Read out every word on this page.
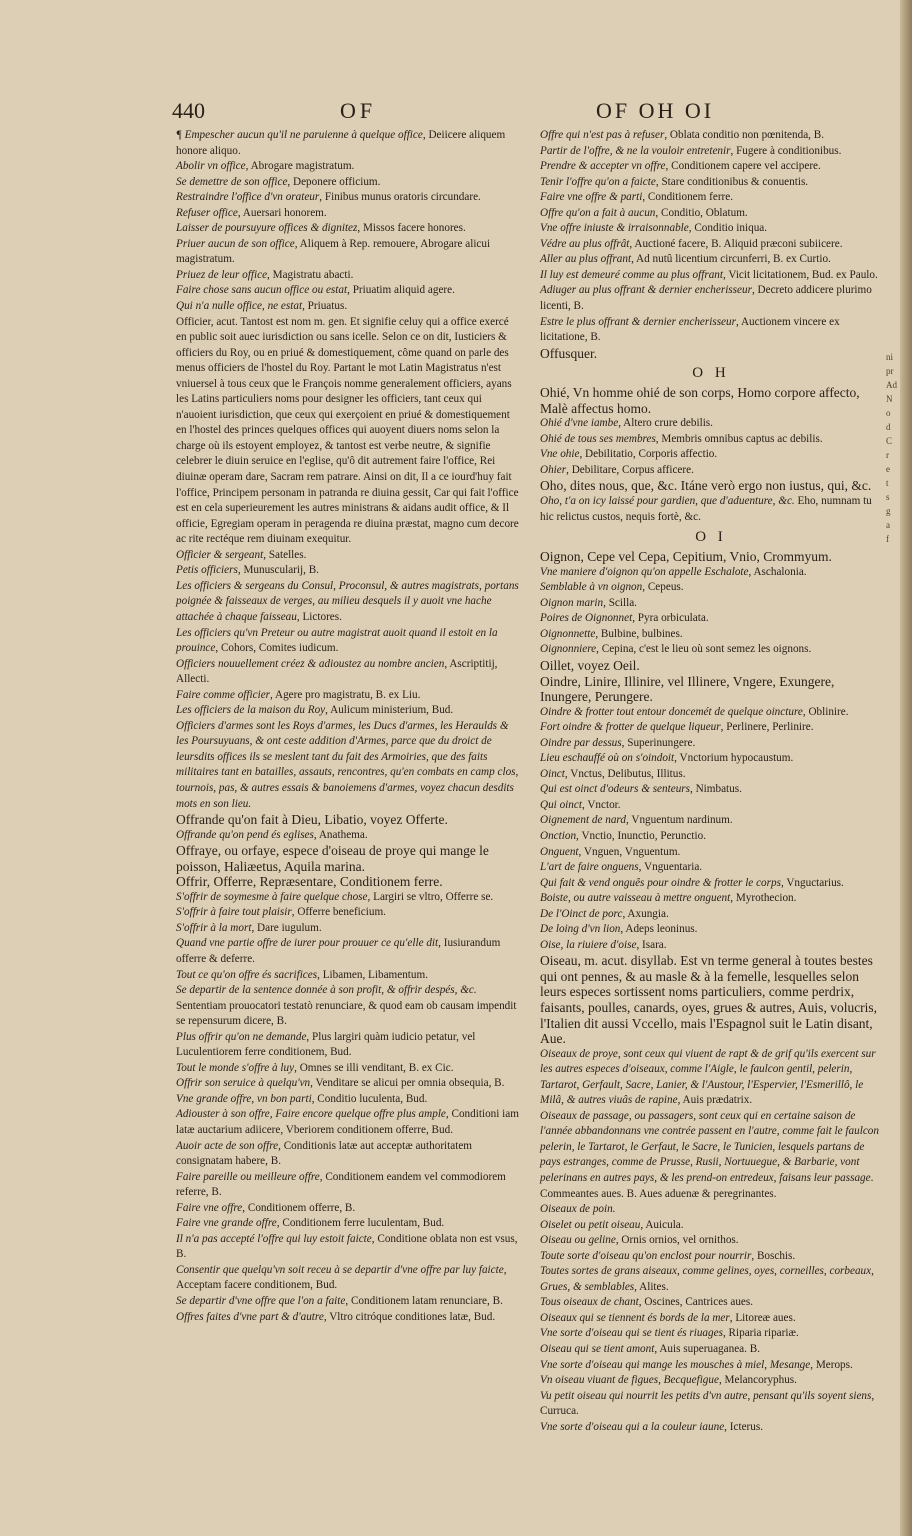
440	OF	OF OH OI

¶ Empescher aucun qu'il ne paruienne à quelque office, Deiicere aliquem honore aliquo.

Abolir vn office, Abrogare magistratum.

Se demettre de son office, Deponere officium.

Restraindre l'office d'vn orateur, Finibus munus oratoris circundare.

Refuser office, Auersari honorem.

Laisser de poursuyure offices & dignitez, Missos facere honores.

Priuer aucun de son office, Aliquem à Rep. remouere, Abrogare alicui magistratum.

Priuez de leur office, Magistratu abacti.

Faire chose sans aucun office ou estat, Priuatim aliquid agere.

Qui n'a nulle office, ne estat, Priuatus.

Officier, acut. Tantost est nom m. gen. Et signifie celuy qui a office exercé en public soit auec iurisdiction ou sans icelle. Selon ce on dit, Iusticiers & officiers du Roy, ou en priué & domestiquement, côme quand on parle des menus officiers de l'hostel du Roy. Partant le mot Latin Magistratus n'est vniuersel à tous ceux que le François nomme generalement officiers, ayans les Latins particuliers noms pour designer les officiers, tant ceux qui n'auoient iurisdiction, que ceux qui exerçoient en priué & domestiquement en l'hostel des princes quelques offices qui auoyent diuers noms selon la charge où ils estoyent employez, & tantost est verbe neutre, & signifie celebrer le diuin seruice en l'eglise, qu'ô dit autrement faire l'office, Rei diuinæ operam dare, Sacram rem patrare. Ainsi on dit, Il a ce iourd'huy fait l'office, Principem personam in patranda re diuina gessit, Car qui fait l'office est en cela superieurement les autres ministrans & aidans audit office, & Il officie, Egregiam operam in peragenda re diuina præstat, magno cum decore ac rite rectéque rem diuinam exequitur.

Officier & sergeant, Satelles.

Petis officiers, Munuscularij, B.

Les officiers & sergeans du Consul, Proconsul, & autres magistrats, portans poignée & faisseaux de verges, au milieu desquels il y auoit vne hache attachée à chaque faisseau, Lictores.

Les officiers qu'vn Preteur ou autre magistrat auoit quand il estoit en la prouince, Cohors, Comites iudicum.

Officiers nouuellement créez & adioustez au nombre ancien, Ascriptitij, Allecti.

Faire comme officier, Agere pro magistratu, B. ex Liu.

Les officiers de la maison du Roy, Aulicum ministerium, Bud.

Officiers d'armes sont les Roys d'armes, les Ducs d'armes, les Heraulds & les Poursuyuans, & ont ceste addition d'Armes, parce que du droict de leursdits offices ils se meslent tant du fait des Armoiries, que des faits militaires tant en batailles, assauts, rencontres, qu'en combats en camp clos, tournois, pas, & autres essais & banoiemens d'armes, voyez chacun desdits mots en son lieu.

Offrande qu'on fait à Dieu, Libatio, voyez Offerte.

Offrande qu'on pend és eglises, Anathema.

Offraye, ou orfaye, espece d'oiseau de proye qui mange le poisson, Haliæetus, Aquila marina.

Offrir, Offerre, Repræsentare, Conditionem ferre.

S'offrir de soymesme à faire quelque chose, Largiri se vltro, Offerre se.

S'offrir à faire tout plaisir, Offerre beneficium.

S'offrir à la mort, Dare iugulum.

Quand vne partie offre de iurer pour prouuer ce qu'elle dit, Iusiurandum offerre & deferre.

Tout ce qu'on offre és sacrifices, Libamen, Libamentum.

Se departir de la sentence donnée à son profit, & offrir despés, &c. Sententiam prouocatori testatò renunciare, & quod eam ob causam impendit se repensurum dicere, B.

Plus offrir qu'on ne demande, Plus largiri quàm iudicio petatur, vel Luculentiorem ferre conditionem, Bud.

Tout le monde s'offre à luy, Omnes se illi venditant, B. ex Cic.

Offrir son seruice à quelqu'vn, Venditare se alicui per omnia obsequia, B.

Vne grande offre, vn bon parti, Conditio luculenta, Bud.

Adiouster à son offre, Faire encore quelque offre plus ample, Conditioni iam latæ auctarium adiicere, Vberiorem conditionem offerre, Bud.

Auoir acte de son offre, Conditionis latæ aut acceptæ authoritatem consignatam habere, B.

Faire pareille ou meilleure offre, Conditionem eandem vel commodiorem referre, B.

Faire vne offre, Conditionem offerre, B.

Faire vne grande offre, Conditionem ferre luculentam, Bud.

Il n'a pas accepté l'offre qui luy estoit faicte, Conditione oblata non est vsus, B.

Consentir que quelqu'vn soit receu à se departir d'vne offre par luy faicte, Acceptam facere conditionem, Bud.

Se departir d'vne offre que l'on a faite, Conditionem latam renunciare, B.

Offres faites d'vne part & d'autre, Vltro citróque conditiones latæ, Bud.

Offre qui n'est pas à refuser, Oblata conditio non pœnitenda, B.

Partir de l'offre, & ne la vouloir entretenir, Fugere à conditionibus.

Prendre & accepter vn offre, Conditionem capere vel accipere.

Tenir l'offre qu'on a faicte, Stare conditionibus & conuentis.

Faire vne offre & parti, Conditionem ferre.

Offre qu'on a fait à aucun, Conditio, Oblatum.

Vne offre iniuste & irraisonnable, Conditio iniqua.

Védre au plus offrât, Auctioné facere, B. Aliquid præconi subiicere.

Aller au plus offrant, Ad nutû licentium circunferri, B. ex Curtio.

Il luy est demeuré comme au plus offrant, Vicit licitationem, Bud. ex Paulo.

Adiuger au plus offrant & dernier encherisseur, Decreto addicere plurimo licenti, B.

Estre le plus offrant & dernier encherisseur, Auctionem vincere ex licitatione, B.

Offusquer.

O H

Ohié, Vn homme ohié de son corps, Homo corpore affecto, Malè affectus homo.

Ohié d'vne iambe, Altero crure debilis.

Ohié de tous ses membres, Membris omnibus captus ac debilis.

Vne ohie, Debilitatio, Corporis affectio.

Ohier, Debilitare, Corpus afficere.

Oho, dites nous, que, &c. Itáne verò ergo non iustus, qui, &c.

Oho, t'a on icy laissé pour gardien, que d'aduenture, &c. Eho, numnam tu hic relictus custos, nequis fortè, &c.

O I

Oignon, Cepe vel Cepa, Cepitium, Vnio, Crommyum.

Vne maniere d'oignon qu'on appelle Eschalote, Aschalonia.

Semblable à vn oignon, Cepeus.

Oignon marin, Scilla.

Poires de Oignonnet, Pyra orbiculata.

Oignonnette, Bulbine, bulbines.

Oignonniere, Cepina, c'est le lieu où sont semez les oignons.

Oillet, voyez Oeil.

Oindre, Linire, Illinire, vel Illinere, Vngere, Exungere, Inungere, Perungere.

Oindre & frotter tout entour doncemét de quelque oincture, Oblinire.

Fort oindre & frotter de quelque liqueur, Perlinere, Perlinire.

Oindre par dessus, Superinungere.

Lieu eschauffé où on s'oindoit, Vnctorium hypocaustum.

Oinct, Vnctus, Delibutus, Illitus.

Qui est oinct d'odeurs & senteurs, Nimbatus.

Qui oinct, Vnctor.

Oignement de nard, Vnguentum nardinum.

Onction, Vnctio, Inunctio, Perunctio.

Onguent, Vnguen, Vnguentum.

L'art de faire onguens, Vnguentaria.

Qui fait & vend onguês pour oindre & frotter le corps, Vnguctarius.

Boiste, ou autre vaisseau à mettre onguent, Myrothecion.

De l'Oinct de porc, Axungia.

De loing d'vn lion, Adeps leoninus.

Oise, la riuiere d'oise, Isara.

Oiseau, m. acut. disyllab. Est vn terme general à toutes bestes qui ont pennes, & au masle & à la femelle, lesquelles selon leurs especes sortissent noms particuliers, comme perdrix, faisants, poulles, canards, oyes, grues & autres, Auis, volucris, l'Italien dit aussi Vccello, mais l'Espagnol suit le Latin disant, Aue.

Oiseaux de proye, sont ceux qui viuent de rapt & de grif qu'ils exercent sur les autres especes d'oiseaux, comme l'Aigle, le faulcon gentil, pelerin, Tartarot, Gerfault, Sacre, Lanier, & l'Austour, l'Espervier, l'Esmerillô, le Milâ, & autres viuâs de rapine, Auis prædatrix.

Oiseaux de passage, ou passagers, sont ceux qui en certaine saison de l'année abbandonnans vne contrée passent en l'autre, comme fait le faulcon pelerin, le Tartarot, le Gerfaut, le Sacre, le Tunicien, lesquels partans de pays estranges, comme de Prusse, Rusii, Nortuuegue, & Barbarie, vont pelerinans en autres pays, & les prend-on entredeux, faisans leur passage. Commeantes aues. B. Aues aduenæ & peregrinantes.

Oiseaux de poin.

Oiselet ou petit oiseau, Auicula.

Oiseau ou geline, Ornis ornios, vel ornithos.

Toute sorte d'oiseau qu'on enclost pour nourrir, Boschis.

Toutes sortes de grans aiseaux, comme gelines, oyes, corneilles, corbeaux, Grues, & semblables, Alites.

Tous oiseaux de chant, Oscines, Cantrices aues.

Oiseaux qui se tiennent és bords de la mer, Litoreæ aues.

Vne sorte d'oiseau qui se tient és riuages, Riparia ripariæ.

Oiseau qui se tient amont, Auis superuaganea. B.

Vne sorte d'oiseau qui mange les mousches à miel, Mesange, Merops.

Vn oiseau viuant de figues, Becquefigue, Melancoryphus.

Vu petit oiseau qui nourrit les petits d'vn autre, pensant qu'ils soyent siens, Curruca.

Vne sorte d'oiseau qui a la couleur iaune, Icterus.

ni
pr
Ad
N
o
d
C
r
e
t
s
g
a
f
